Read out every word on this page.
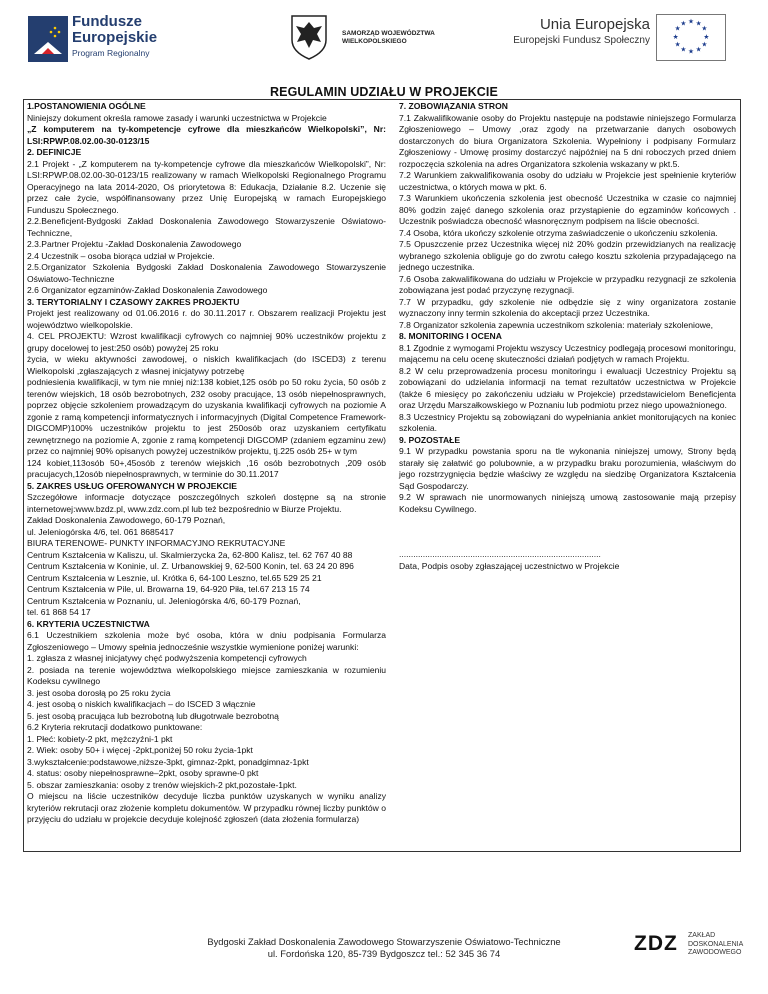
Fundusze
Europejskie
Program Regionalny
SAMORZĄD WOJEWÓDZTWA
WIELKOPOLSKIEGO
Unia Europejska
Europejski Fundusz Społeczny
★ ★
★
★
★
★
★
★
★
★
★
★
REGULAMIN UDZIAŁU W PROJEKCIE

1.POSTANOWIENIA OGÓLNE

Niniejszy dokument określa ramowe zasady i warunki uczestnictwa w Projekcie

„Z komputerem na ty-kompetencje cyfrowe dla mieszkańców Wielkopolski”, Nr: LSI:RPWP.08.02.00-30-0123/15

2. DEFINICJE

2.1 Projekt - „Z komputerem na ty-kompetencje cyfrowe dla mieszkańców Wielkopolski”, Nr: LSI:RPWP.08.02.00-30-0123/15 realizowany w ramach Wielkopolski Regionalnego Programu Operacyjnego na lata 2014-2020, Oś priorytetowa 8: Edukacja, Działanie 8.2. Uczenie się przez całe życie, współfinansowany przez Unię Europejską w ramach Europejskiego Funduszu Społecznego.

2.2.Beneficjent-Bydgoski Zakład Doskonalenia Zawodowego Stowarzyszenie Oświatowo-Techniczne,

2.3.Partner Projektu -Zakład Doskonalenia Zawodowego

2.4 Uczestnik – osoba biorąca udział w Projekcie.

2.5.Organizator Szkolenia Bydgoski Zakład Doskonalenia Zawodowego Stowarzyszenie Oświatowo-Techniczne

2.6 Organizator egzaminów-Zakład Doskonalenia Zawodowego

3. TERYTORIALNY I CZASOWY ZAKRES PROJEKTU

Projekt jest realizowany od 01.06.2016 r. do 30.11.2017 r. Obszarem realizacji Projektu jest województwo wielkopolskie.

4. CEL PROJEKTU: Wzrost kwalifikacji cyfrowych co najmniej 90% uczestników projektu z grupy docelowej to jest:250 osób) powyżej 25 roku

życia, w wieku aktywności zawodowej, o niskich kwalifikacjach (do ISCED3) z terenu Wielkopolski ,zgłaszających z własnej inicjatywy potrzebę

podniesienia kwalifikacji, w tym nie mniej niż:138 kobiet,125 osób po 50 roku życia, 50 osób z terenów wiejskich, 18 osób bezrobotnych, 232 osoby pracujące, 13 osób niepełnosprawnych, poprzez objęcie szkoleniem prowadzącym do uzyskania kwalifikacji cyfrowych na poziomie A zgonie z ramą kompetencji informatycznych i informacyjnych (Digital Competence Framework-DIGCOMP)100% uczestników projektu to jest 250osób oraz uzyskaniem certyfikatu zewnętrznego na poziomie A, zgonie z ramą kompetencji DIGCOMP (zdaniem egzaminu zew) przez co najmniej 90% opisanych powyżej uczestników projektu, tj.225 osób 25+ w tym

124 kobiet,113osób 50+,45osób z terenów wiejskich ,16 osób bezrobotnych ,209 osób pracujacych,12osób niepełnosprawnych, w terminie do 30.11.2017

5. ZAKRES USŁUG OFEROWANYCH W PROJEKCIE

Szczegółowe informacje dotyczące poszczególnych szkoleń dostępne są na stronie internetowej:www.bzdz.pl, www.zdz.com.pl lub też bezpośrednio w Biurze Projektu.

Zakład Doskonalenia Zawodowego, 60-179 Poznań,

ul. Jeleniogórska 4/6, tel. 061 8685417

BIURA TERENOWE- PUNKTY INFORMACYJNO REKRUTACYJNE

Centrum Kształcenia w Kaliszu, ul. Skalmierzycka 2a, 62-800 Kalisz, tel. 62 767 40 88

Centrum Kształcenia w Koninie, ul. Z. Urbanowskiej 9, 62-500 Konin, tel. 63 24 20 896

Centrum Kształcenia w Lesznie, ul. Krótka 6, 64-100 Leszno, tel.65 529 25 21

Centrum Kształcenia w Pile, ul. Browarna 19, 64-920 Piła, tel.67 213 15 74

Centrum Kształcenia w Poznaniu, ul. Jeleniogórska 4/6, 60-179 Poznań,

tel. 61 868 54 17

6. KRYTERIA UCZESTNICTWA

6.1 Uczestnikiem szkolenia może być osoba, która w dniu podpisania Formularza Zgłoszeniowego – Umowy spełnia jednocześnie wszystkie wymienione poniżej warunki:

1. zgłasza z własnej inicjatywy chęć podwyższenia kompetencji cyfrowych

2. posiada na terenie województwa wielkopolskiego miejsce zamieszkania w rozumieniu Kodeksu cywilnego

3. jest osoba dorosłą po 25 roku życia

4. jest osobą o niskich kwalifikacjach – do ISCED 3 włącznie

5. jest osobą pracująca lub bezrobotną lub długotrwale bezrobotną

6.2 Kryteria rekrutacji dodatkowo punktowane:

1. Płeć: kobiety-2 pkt, mężczyźni-1 pkt

2. Wiek: osoby 50+ i więcej -2pkt,poniżej 50 roku życia-1pkt

3.wykształcenie:podstawowe,niższe-3pkt, gimnaz-2pkt, ponadgimnaz-1pkt

4. status: osoby niepełnosprawne–2pkt, osoby sprawne-0 pkt

5. obszar zamieszkania: osoby z trenów wiejskich-2 pkt,pozostałe-1pkt.

O miejscu na liście uczestników decyduje liczba punktów uzyskanych w wyniku analizy kryteriów rekrutacji oraz złożenie kompletu dokumentów. W przypadku równej liczby punktów o przyjęciu do udziału w projekcie decyduje kolejność zgłoszeń (data złożenia formularza)

7. ZOBOWIĄZANIA STRON

7.1 Zakwalifikowanie osoby do Projektu następuje na podstawie niniejszego Formularza Zgłoszeniowego – Umowy ,oraz zgody na przetwarzanie danych osobowych dostarczonych do biura Organizatora Szkolenia. Wypełniony i podpisany Formularz Zgłoszeniowy - Umowę prosimy dostarczyć najpóźniej na 5 dni roboczych przed dniem rozpoczęcia szkolenia na adres Organizatora szkolenia wskazany w pkt.5.

7.2 Warunkiem zakwalifikowania osoby do udziału w Projekcie jest spełnienie kryteriów uczestnictwa, o których mowa w pkt. 6.

7.3 Warunkiem ukończenia szkolenia jest obecność Uczestnika w czasie co najmniej 80% godzin zajęć danego szkolenia oraz przystąpienie do egzaminów końcowych . Uczestnik poświadcza obecność własnoręcznym podpisem na liście obecności.

7.4 Osoba, która ukończy szkolenie otrzyma zaświadczenie o ukończeniu szkolenia.

7.5 Opuszczenie przez Uczestnika więcej niż 20% godzin przewidzianych na realizację wybranego szkolenia obliguje go do zwrotu całego kosztu szkolenia przypadającego na jednego uczestnika.

7.6 Osoba zakwalifikowana do udziału w Projekcie w przypadku rezygnacji ze szkolenia zobowiązana jest podać przyczynę rezygnacji.

7.7 W przypadku, gdy szkolenie nie odbędzie się z winy organizatora zostanie wyznaczony inny termin szkolenia do akceptacji przez Uczestnika.

7.8 Organizator szkolenia zapewnia uczestnikom szkolenia: materiały szkoleniowe,

8. MONITORING I OCENA

8.1 Zgodnie z wymogami Projektu wszyscy Uczestnicy podlegają procesowi monitoringu, mającemu na celu ocenę skuteczności działań podjętych w ramach Projektu.

8.2 W celu przeprowadzenia procesu monitoringu i ewaluacji Uczestnicy Projektu są zobowiązani do udzielania informacji na temat rezultatów uczestnictwa w Projekcie (także 6 miesięcy po zakończeniu udziału w Projekcie) przedstawicielom Beneficjenta oraz Urzędu Marszałkowskiego w Poznaniu lub podmiotu przez niego upoważnionego.

8.3 Uczestnicy Projektu są zobowiązani do wypełniania ankiet monitorujących na koniec szkolenia.

9. POZOSTAŁE

9.1 W przypadku powstania sporu na tle wykonania niniejszej umowy, Strony będą starały się załatwić go polubownie, a w przypadku braku porozumienia, właściwym do jego rozstrzygnięcia będzie właściwy ze względu na siedzibę Organizatora Kształcenia Sąd Gospodarczy.

9.2 W sprawach nie unormowanych niniejszą umową zastosowanie mają przepisy Kodeksu Cywilnego.

.....................................................................................
Data, Podpis osoby zgłaszającej uczestnictwo w Projekcie
Bydgoski Zakład Doskonalenia Zawodowego Stowarzyszenie Oświatowo-Techniczne
ul. Fordońska 120, 85-739 Bydgoszcz tel.: 52 345 36 74	ZDZ ZAKŁAD
DOSKONALENIA
ZAWODOWEGO
